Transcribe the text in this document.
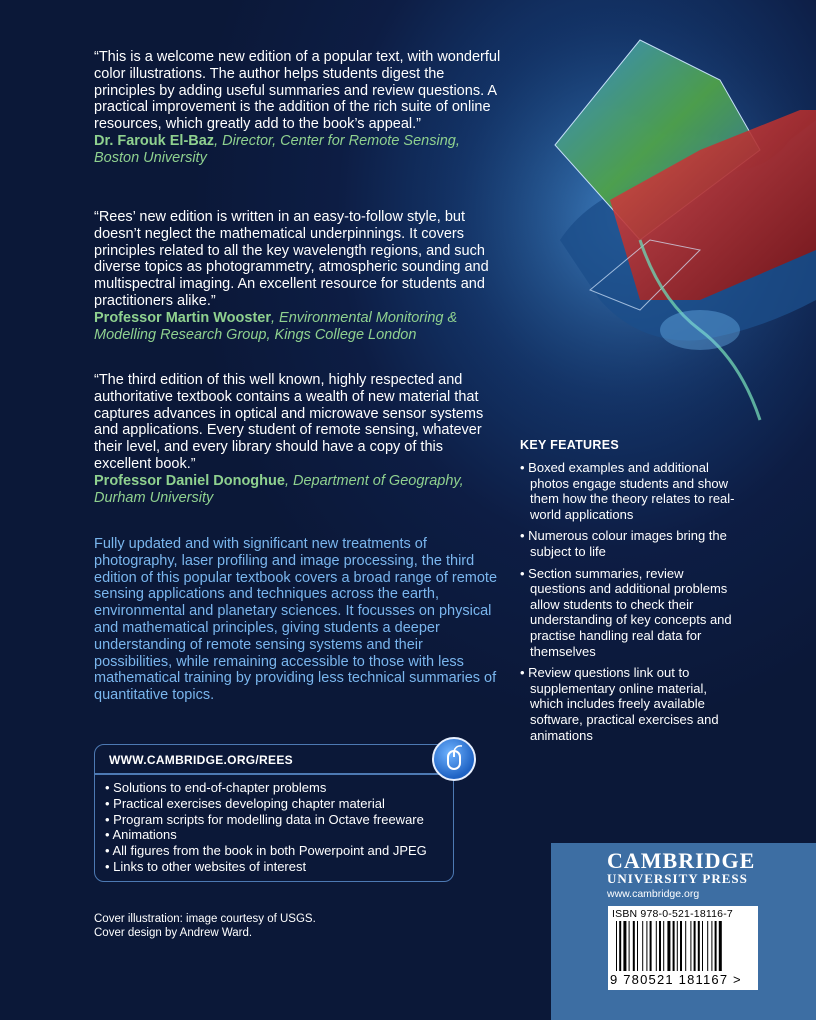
“This is a welcome new edition of a popular text, with wonderful color illustrations. The author helps students digest the principles by adding useful summaries and review questions. A practical improvement is the addition of the rich suite of online resources, which greatly add to the book’s appeal.”
Dr. Farouk El-Baz, Director, Center for Remote Sensing, Boston University
“Rees’ new edition is written in an easy-to-follow style, but doesn’t neglect the mathematical underpinnings. It covers principles related to all the key wavelength regions, and such diverse topics as photogrammetry, atmospheric sounding and multispectral imaging. An excellent resource for students and practitioners alike.”
Professor Martin Wooster, Environmental Monitoring & Modelling Research Group, Kings College London
“The third edition of this well known, highly respected and authoritative textbook contains a wealth of new material that captures advances in optical and microwave sensor systems and applications. Every student of remote sensing, whatever their level, and every library should have a copy of this excellent book.”
Professor Daniel Donoghue, Department of Geography, Durham University
Fully updated and with significant new treatments of photography, laser profiling and image processing, the third edition of this popular textbook covers a broad range of remote sensing applications and techniques across the earth, environmental and planetary sciences. It focusses on physical and mathematical principles, giving students a deeper understanding of remote sensing systems and their possibilities, while remaining accessible to those with less mathematical training by providing less technical summaries of quantitative topics.
WWW.CAMBRIDGE.ORG/REES
• Solutions to end-of-chapter problems
• Practical exercises developing chapter material
• Program scripts for modelling data in Octave freeware
• Animations
• All figures from the book in both Powerpoint and JPEG
• Links to other websites of interest
Cover illustration: image courtesy of USGS.
Cover design by Andrew Ward.
KEY FEATURES
• Boxed examples and additional photos engage students and show them how the theory relates to real-world applications
• Numerous colour images bring the subject to life
• Section summaries, review questions and additional problems allow students to check their understanding of key concepts and practise handling real data for themselves
• Review questions link out to supplementary online material, which includes freely available software, practical exercises and animations
CAMBRIDGE
UNIVERSITY PRESS
www.cambridge.org
ISBN 978-0-521-18116-7
9 780521 181167 >
